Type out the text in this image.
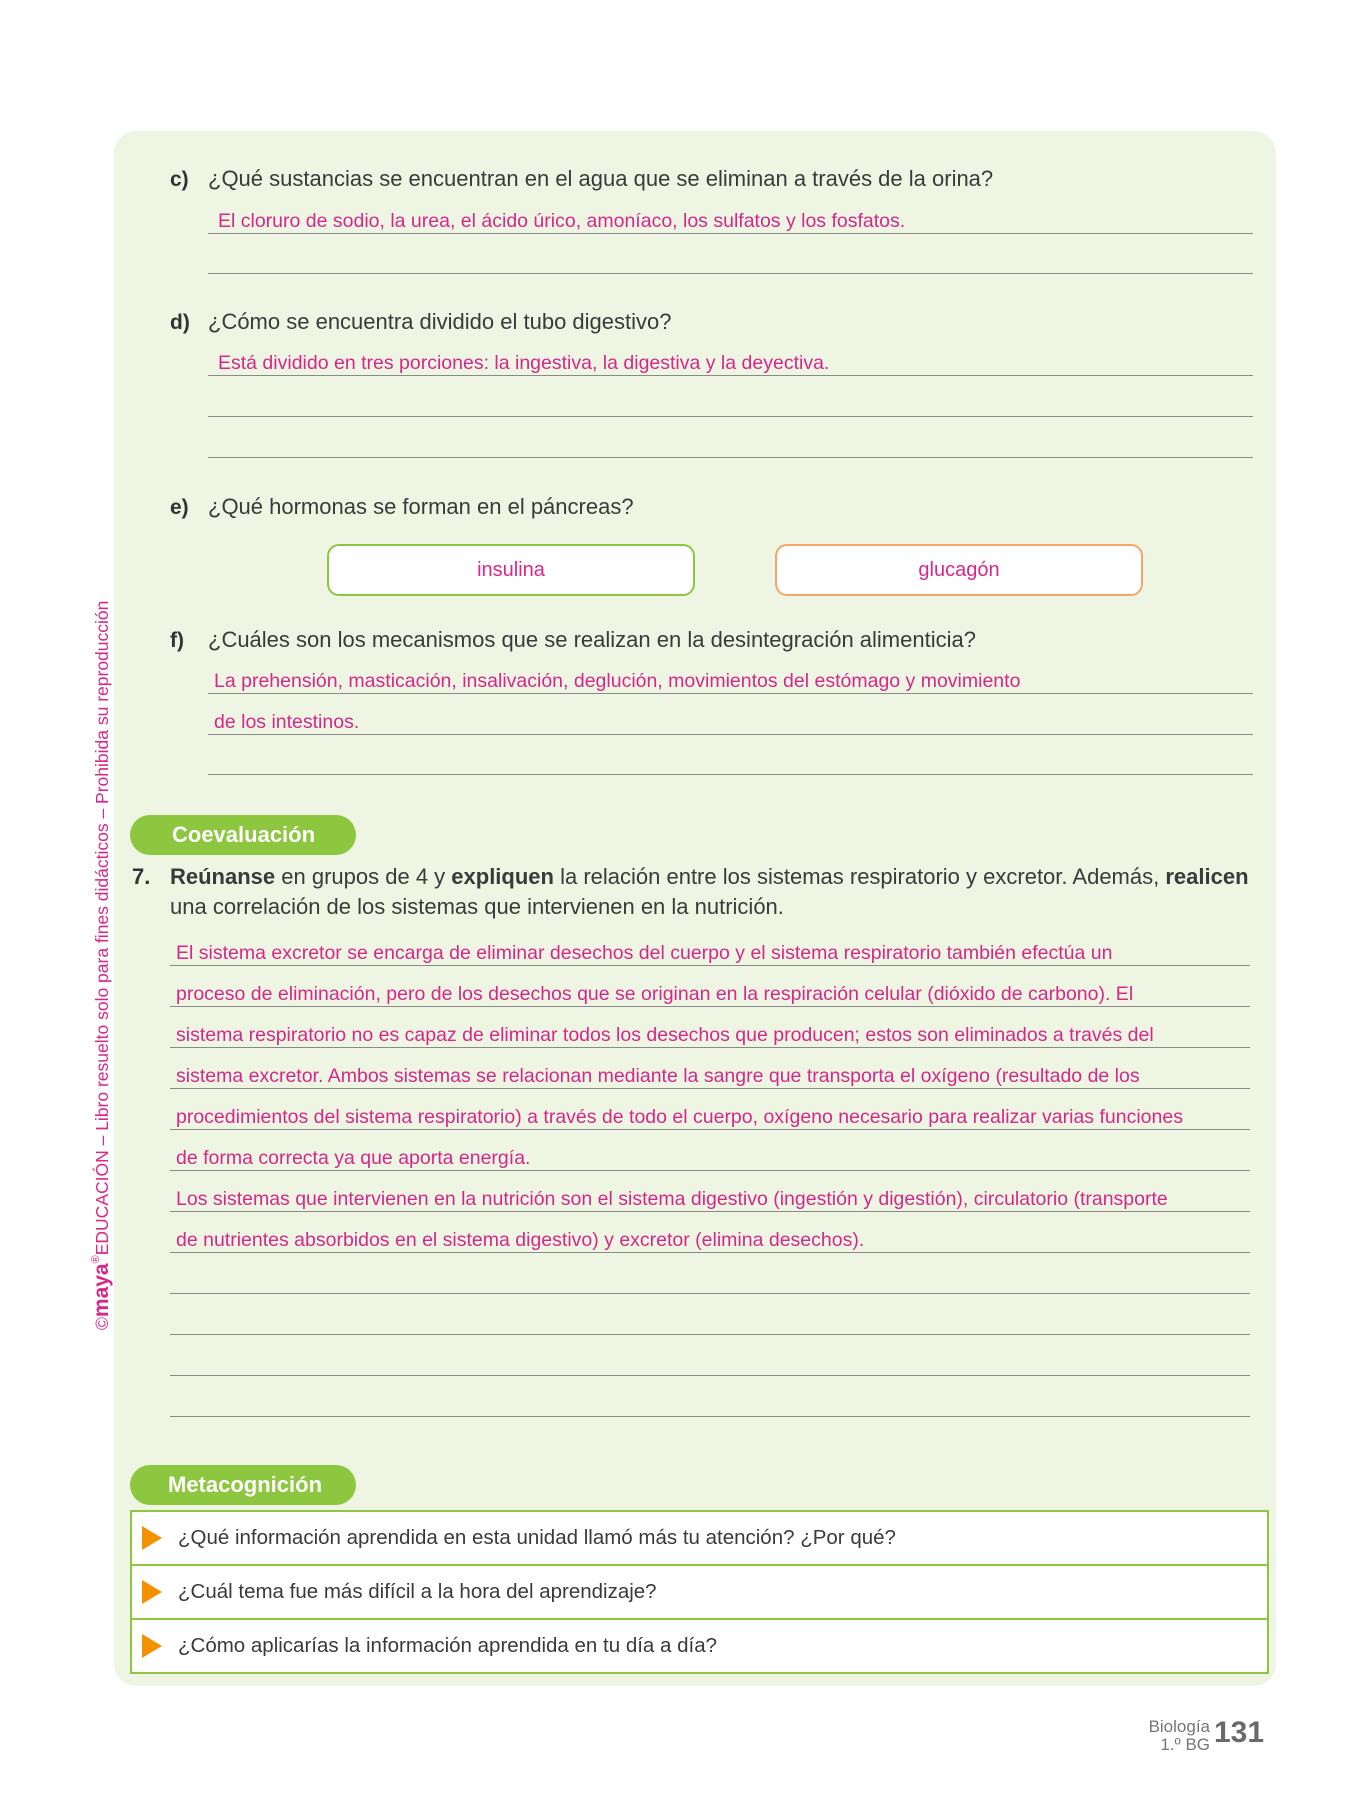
c) ¿Qué sustancias se encuentran en el agua que se eliminan a través de la orina?
El cloruro de sodio, la urea, el ácido úrico, amoníaco, los sulfatos y los fosfatos.
d) ¿Cómo se encuentra dividido el tubo digestivo?
Está dividido en tres porciones: la ingestiva, la digestiva y la deyectiva.
e) ¿Qué hormonas se forman en el páncreas?
insulina	glucagón
f) ¿Cuáles son los mecanismos que se realizan en la desintegración alimenticia?
La prehensión, masticación, insalivación, deglución, movimientos del estómago y movimiento
de los intestinos.
Coevaluación
7. Reúnanse en grupos de 4 y expliquen la relación entre los sistemas respiratorio y excretor. Además, realicen
una correlación de los sistemas que intervienen en la nutrición.
El sistema excretor se encarga de eliminar desechos del cuerpo y el sistema respiratorio también efectúa un
proceso de eliminación, pero de los desechos que se originan en la respiración celular (dióxido de carbono). El
sistema respiratorio no es capaz de eliminar todos los desechos que producen; estos son eliminados a través del
sistema excretor. Ambos sistemas se relacionan mediante la sangre que transporta el oxígeno (resultado de los
procedimientos del sistema respiratorio) a través de todo el cuerpo, oxígeno necesario para realizar varias funciones
de forma correcta ya que aporta energía.
Los sistemas que intervienen en la nutrición son el sistema digestivo (ingestión y digestión), circulatorio (transporte
de nutrientes absorbidos en el sistema digestivo) y excretor (elimina desechos).
Metacognición
¿Qué información aprendida en esta unidad llamó más tu atención? ¿Por qué?
¿Cuál tema fue más difícil a la hora del aprendizaje?
¿Cómo aplicarías la información aprendida en tu día a día?
©maya®EDUCACIÓN – Libro resuelto solo para fines didácticos – Prohibida su reproducción
Biología
1.º BG 131
